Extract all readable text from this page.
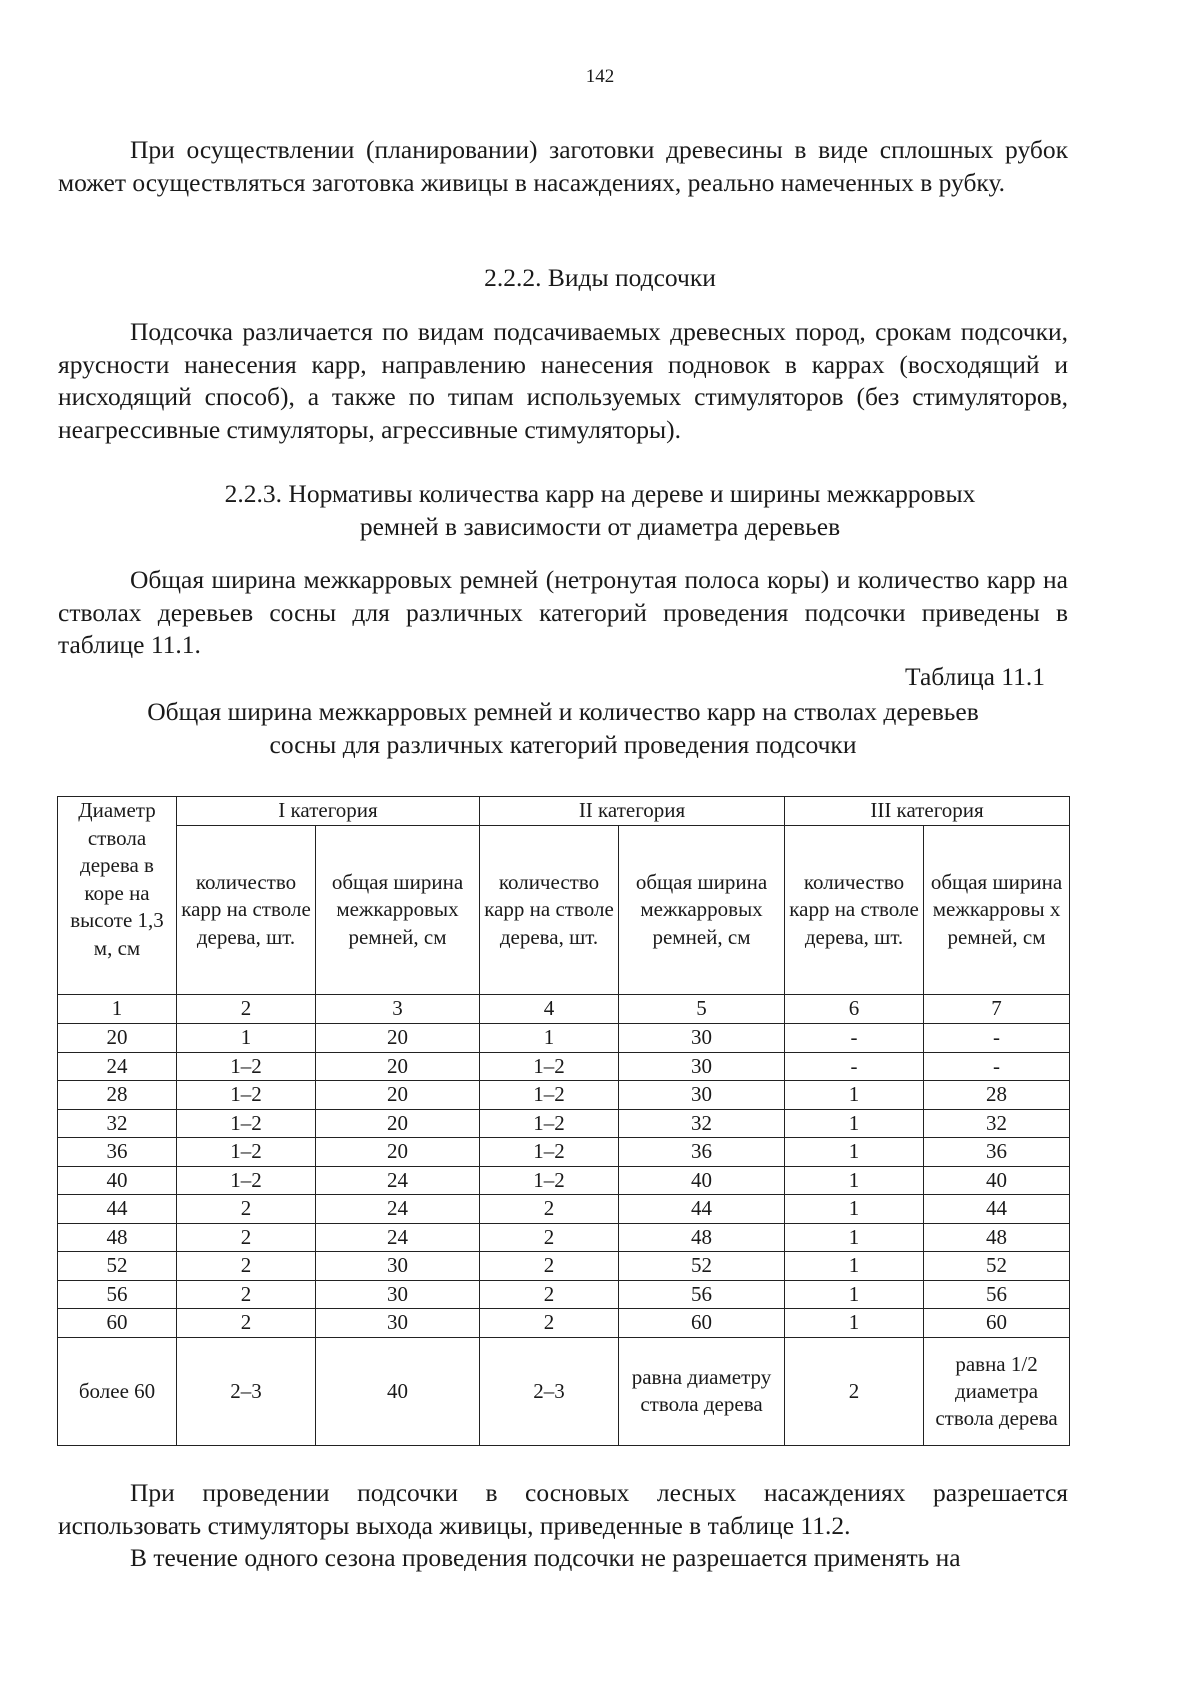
142

При осуществлении (планировании) заготовки древесины в виде сплошных рубок может осуществляться заготовка живицы в насаждениях, реально намеченных в рубку.

2.2.2. Виды подсочки

Подсочка различается по видам подсачиваемых древесных пород, срокам подсочки, ярусности нанесения карр, направлению нанесения подновок в каррах (восходящий и нисходящий способ), а также по типам используемых стимуляторов (без стимуляторов, неагрессивные стимуляторы, агрессивные стимуляторы).

2.2.3. Нормативы количества карр на дереве и ширины межкарровых
ремней в зависимости от диаметра деревьев

Общая ширина межкарровых ремней (нетронутая полоса коры) и количество карр на стволах деревьев сосны для различных категорий проведения подсочки приведены в таблице 11.1.

Таблица 11.1
Общая ширина межкарровых ремней и количество карр на стволах деревьев
сосны для различных категорий проведения подсочки
Диаметр ствола дерева в коре на высоте 1,3 м, см	I категория		II категория		III категория	
	количество карр на стволе дерева, шт.	общая ширина межкарровых ремней, см	количество карр на стволе дерева, шт.	общая ширина межкарровых ремней, см	количество карр на стволе дерева, шт.	общая ширина межкарровы х ремней, см
1	2	3	4	5	6	7
20	1	20	1	30	-	-
24	1–2	20	1–2	30	-	-
28	1–2	20	1–2	30	1	28
32	1–2	20	1–2	32	1	32
36	1–2	20	1–2	36	1	36
40	1–2	24	1–2	40	1	40
44	2	24	2	44	1	44
48	2	24	2	48	1	48
52	2	30	2	52	1	52
56	2	30	2	56	1	56
60	2	30	2	60	1	60
более 60	2–3	40	2–3	равна диаметру ствола дерева	2	равна 1/2 диаметра ствола дерева

При проведении подсочки в сосновых лесных насаждениях разрешается использовать стимуляторы выхода живицы, приведенные в таблице 11.2.

В течение одного сезона проведения подсочки не разрешается применять на
